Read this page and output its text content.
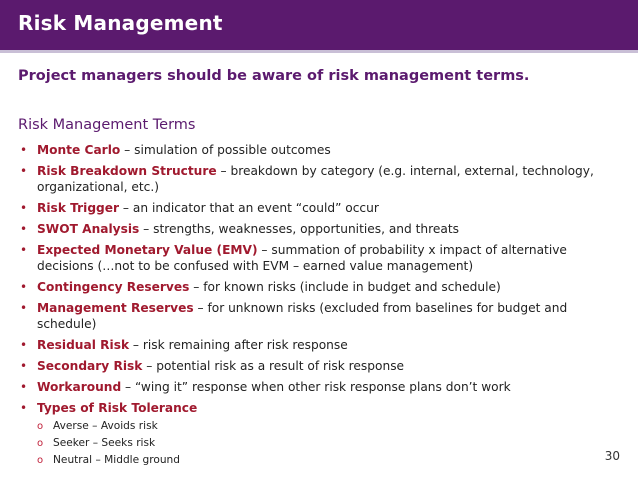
Risk Management
Project managers should be aware of risk management terms.
Risk Management Terms
• Monte Carlo – simulation of possible outcomes
• Risk Breakdown Structure – breakdown by category (e.g. internal, external, technology, organizational, etc.)
• Risk Trigger – an indicator that an event “could” occur
• SWOT Analysis – strengths, weaknesses, opportunities, and threats
• Expected Monetary Value (EMV) – summation of probability x impact of alternative decisions (…not to be confused with EVM – earned value management)
• Contingency Reserves – for known risks (include in budget and schedule)
• Management Reserves – for unknown risks (excluded from baselines for budget and schedule)
• Residual Risk – risk remaining after risk response
• Secondary Risk – potential risk as a result of risk response
• Workaround – “wing it” response when other risk response plans don’t work
• Types of Risk Tolerance
o Averse – Avoids risk
o Seeker – Seeks risk
o Neutral – Middle ground	30
